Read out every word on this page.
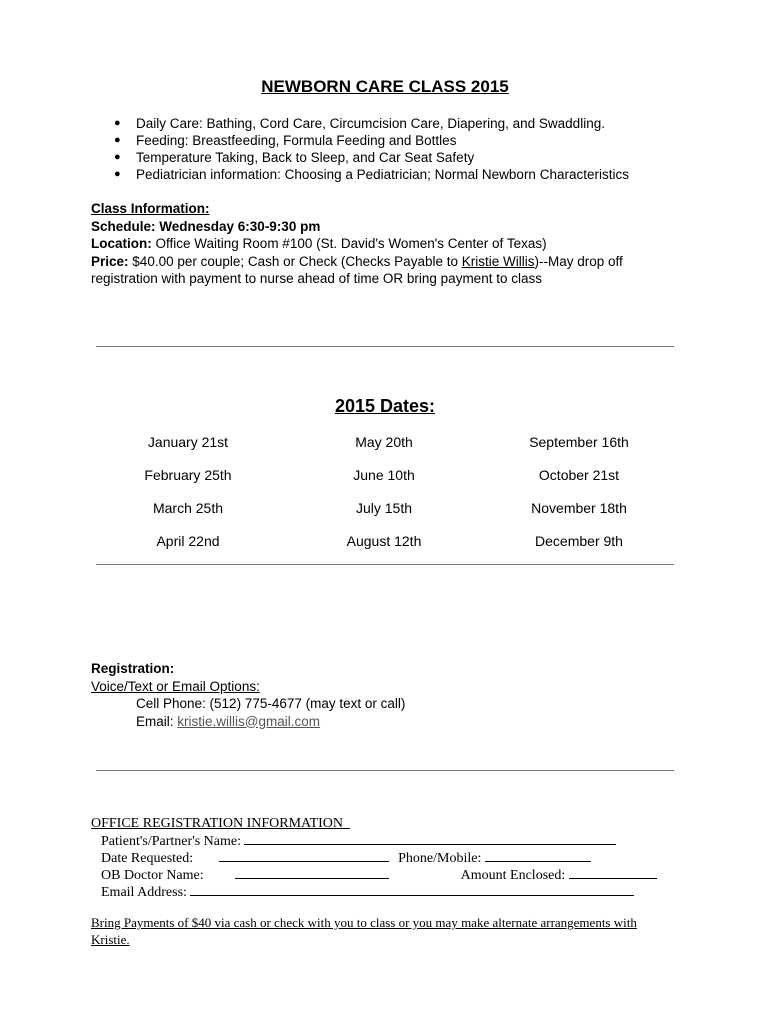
NEWBORN CARE CLASS 2015
● Daily Care: Bathing, Cord Care, Circumcision Care, Diapering, and Swaddling.
● Feeding: Breastfeeding, Formula Feeding and Bottles
● Temperature Taking, Back to Sleep, and Car Seat Safety
● Pediatrician information: Choosing a Pediatrician; Normal Newborn Characteristics
Class Information:
Schedule: Wednesday 6:30-9:30 pm
Location: Office Waiting Room #100 (St. David's Women's Center of Texas)
Price: $40.00 per couple; Cash or Check (Checks Payable to Kristie Willis)--May drop off registration with payment to nurse ahead of time OR bring payment to class
2015 Dates:
January 21st	May 20th	September 16th
February 25th	June 10th	October 21st
March 25th	July 15th	November 18th
April 22nd	August 12th	December 9th
Registration:
Voice/Text or Email Options:
Cell Phone: (512) 775-4677 (may text or call)
Email: kristie.willis@gmail.com
OFFICE REGISTRATION INFORMATION
Patient's/Partner's Name:
Date Requested:	Phone/Mobile:
OB Doctor Name:	Amount Enclosed:
Email Address:
Bring Payments of $40 via cash or check with you to class or you may make alternate arrangements with Kristie.
